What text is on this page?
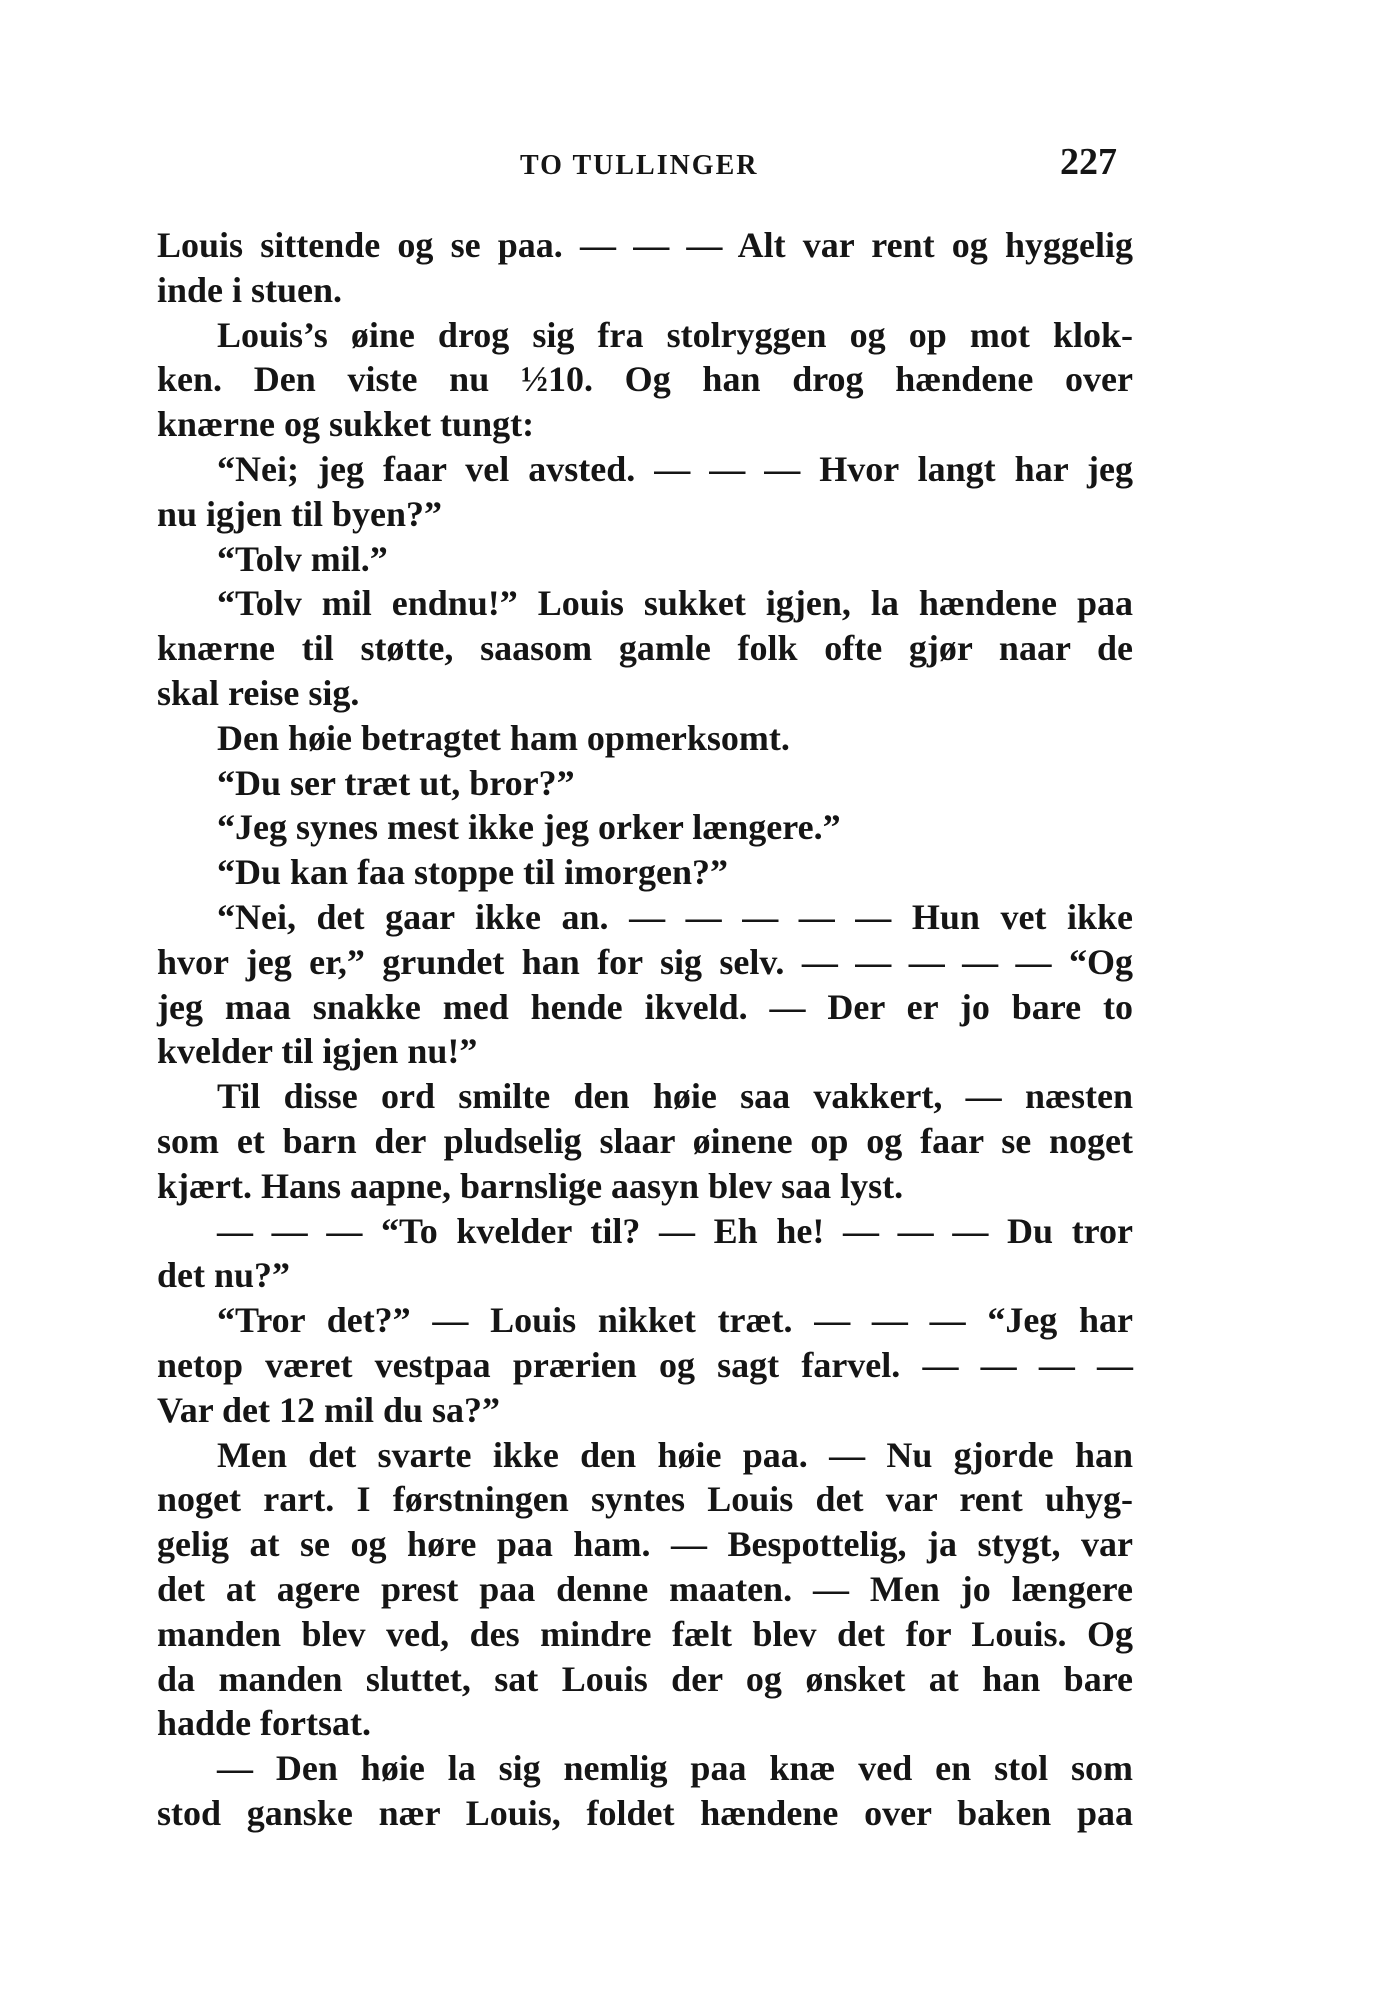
TO TULLINGER	227
Louis sittende og se paa. — — — Alt var rent og hyggelig
inde i stuen.
Louis’s øine drog sig fra stolryggen og op mot klok-
ken. Den viste nu ½10. Og han drog hændene over
knærne og sukket tungt:
“Nei; jeg faar vel avsted. — — — Hvor langt har jeg
nu igjen til byen?”
“Tolv mil.”
“Tolv mil endnu!” Louis sukket igjen, la hændene paa
knærne til støtte, saasom gamle folk ofte gjør naar de
skal reise sig.
Den høie betragtet ham opmerksomt.
“Du ser træt ut, bror?”
“Jeg synes mest ikke jeg orker længere.”
“Du kan faa stoppe til imorgen?”
“Nei, det gaar ikke an. — — — — — Hun vet ikke
hvor jeg er,” grundet han for sig selv. — — — — — “Og
jeg maa snakke med hende ikveld. — Der er jo bare to
kvelder til igjen nu!”
Til disse ord smilte den høie saa vakkert, — næsten
som et barn der pludselig slaar øinene op og faar se noget
kjært. Hans aapne, barnslige aasyn blev saa lyst.
— — — “To kvelder til? — Eh he! — — — Du tror
det nu?”
“Tror det?” — Louis nikket træt. — — — “Jeg har
netop været vestpaa prærien og sagt farvel. — — — —
Var det 12 mil du sa?”
Men det svarte ikke den høie paa. — Nu gjorde han
noget rart. I førstningen syntes Louis det var rent uhyg-
gelig at se og høre paa ham. — Bespottelig, ja stygt, var
det at agere prest paa denne maaten. — Men jo længere
manden blev ved, des mindre fælt blev det for Louis. Og
da manden sluttet, sat Louis der og ønsket at han bare
hadde fortsat.
— Den høie la sig nemlig paa knæ ved en stol som
stod ganske nær Louis, foldet hændene over baken paa
